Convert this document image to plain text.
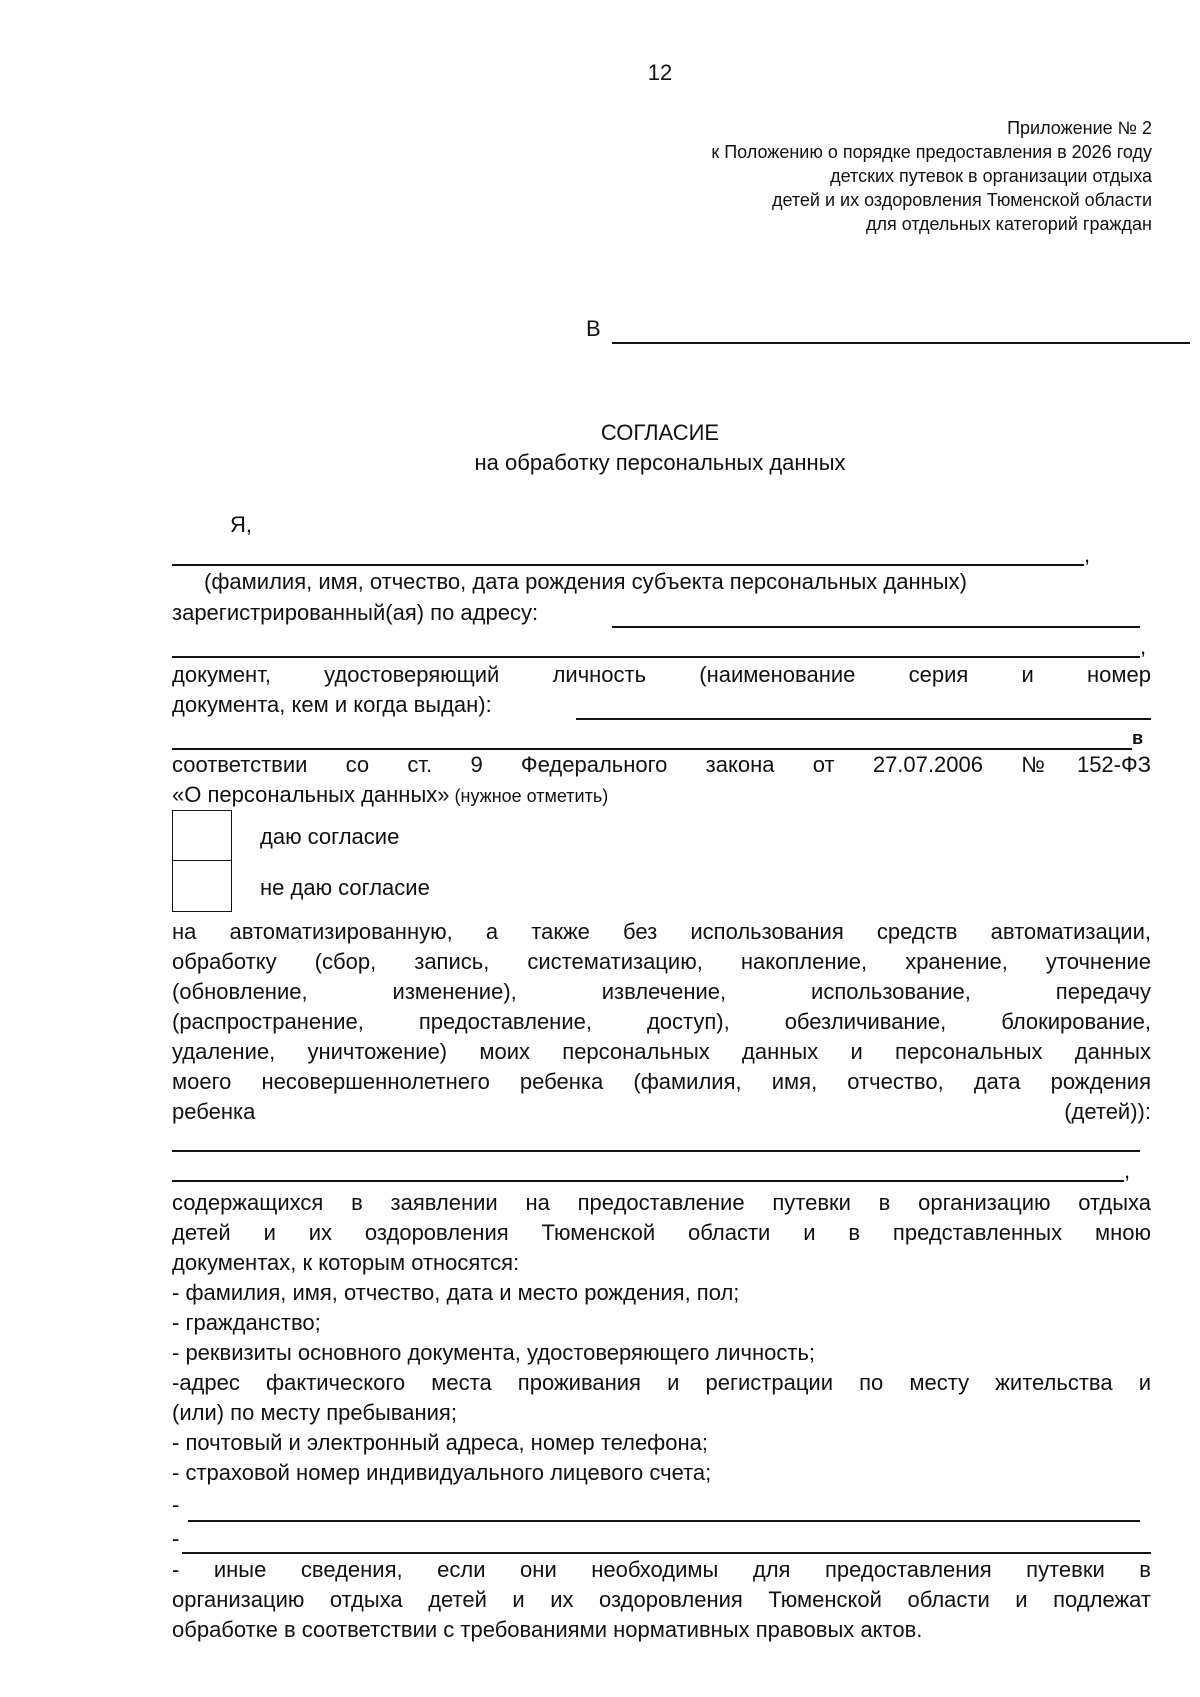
12
Приложение № 2
к Положению о порядке предоставления в 2026 году
детских путевок в организации отдыха
детей и их оздоровления Тюменской области
для отдельных категорий граждан
В
СОГЛАСИЕ
на обработку персональных данных
Я,
,
(фамилия, имя, отчество, дата рождения субъекта персональных данных)
зарегистрированный(ая) по адресу:
,
документ, удостоверяющий личность (наименование серия и номер
документа, кем и когда выдан):
в
соответствии со ст. 9 Федерального закона от 27.07.2006 №152-ФЗ
«О персональных данных» (нужное отметить)
даю согласие
не даю согласие
на автоматизированную, а также без использования средств автоматизации,
обработку (сбор, запись, систематизацию, накопление, хранение, уточнение
(обновление, изменение), извлечение, использование, передачу
(распространение, предоставление, доступ), обезличивание, блокирование,
удаление, уничтожение) моих персональных данных и персональных данных
моего несовершеннолетнего ребенка (фамилия, имя, отчество, дата рождения
ребенка	(детей)):
,
содержащихся в заявлении на предоставление путевки в организацию отдыха
детей и их оздоровления Тюменской области и в представленных мною
документах, к которым относятся:
- фамилия, имя, отчество, дата и место рождения, пол;
- гражданство;
- реквизиты основного документа, удостоверяющего личность;
-адрес фактического места проживания и регистрации по месту жительства и
(или) по месту пребывания;
- почтовый и электронный адреса, номер телефона;
- страховой номер индивидуального лицевого счета;
-
-
- иные сведения, если они необходимы для предоставления путевки в
организацию отдыха детей и их оздоровления Тюменской области и подлежат
обработке в соответствии с требованиями нормативных правовых актов.
